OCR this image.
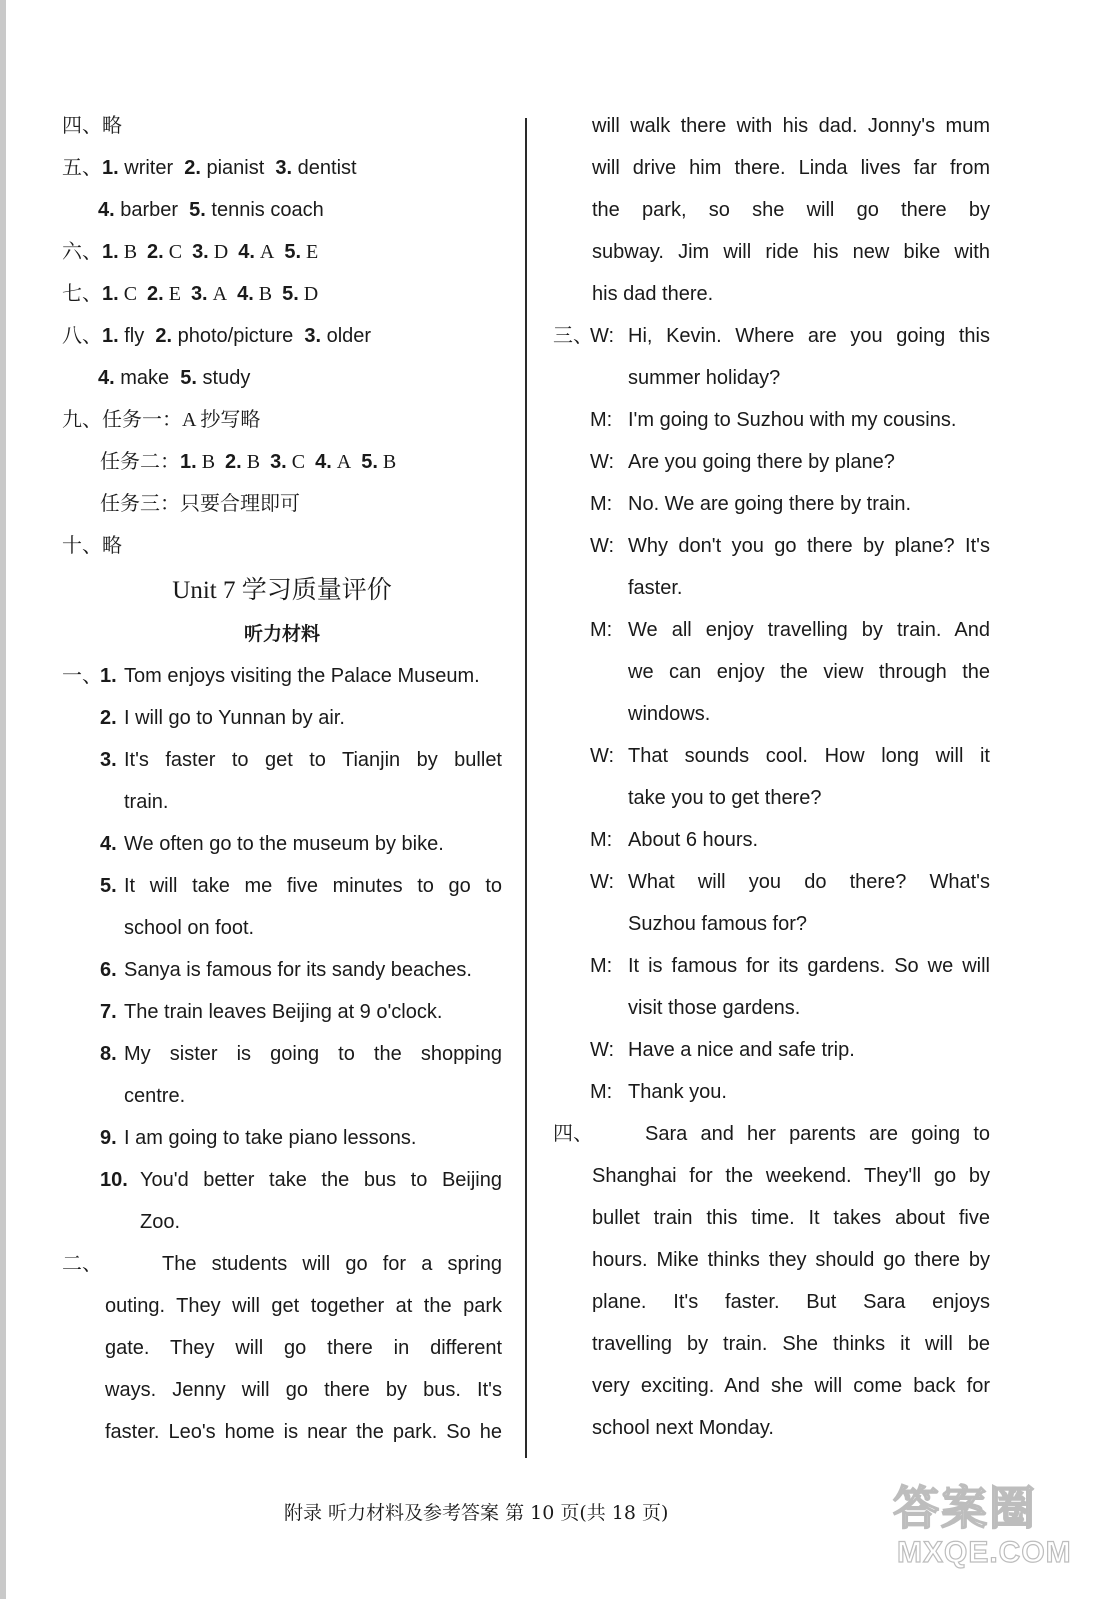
四、略
五、1. writer  2. pianist  3. dentist
4. barber  5. tennis coach
六、1. B  2. C  3. D  4. A  5. E
七、1. C  2. E  3. A  4. B  5. D
八、1. fly  2. photo/picture  3. older
4. make  5. study
九、任务一：A 抄写略
任务二：1. B  2. B  3. C  4. A  5. B
任务三：只要合理即可
十、略
Unit 7 学习质量评价
听力材料
一、
1. Tom enjoys visiting the Palace Museum.
2. I will go to Yunnan by air.
3. It's faster to get to Tianjin by bullet
train.
4. We often go to the museum by bike.
5. It will take me five minutes to go to
school on foot.
6. Sanya is famous for its sandy beaches.
7. The train leaves Beijing at 9 o'clock.
8. My sister is going to the shopping
centre.
9. I am going to take piano lessons.
10. You'd better take the bus to Beijing
Zoo.
二、	The students will go for a spring
outing. They will get together at the park
gate. They will go there in different
ways. Jenny will go there by bus. It's
faster. Leo's home is near the park. So he
will walk there with his dad. Jonny's mum
will drive him there. Linda lives far from
the park, so she will go there by
subway. Jim will ride his new bike with
his dad there.
三、
W: Hi, Kevin. Where are you going this
summer holiday?
M: I'm going to Suzhou with my cousins.
W: Are you going there by plane?
M: No. We are going there by train.
W: Why don't you go there by plane? It's
faster.
M: We all enjoy travelling by train. And
we can enjoy the view through the
windows.
W: That sounds cool. How long will it
take you to get there?
M: About 6 hours.
W: What will you do there? What's
Suzhou famous for?
M: It is famous for its gardens. So we will
visit those gardens.
W: Have a nice and safe trip.
M: Thank you.
四、	Sara and her parents are going to
Shanghai for the weekend. They'll go by
bullet train this time. It takes about five
hours. Mike thinks they should go there by
plane. It's faster. But Sara enjoys
travelling by train. She thinks it will be
very exciting. And she will come back for
school next Monday.
附录 听力材料及参考答案 第 10 页(共 18 页)	答案圈
MXQE.COM
